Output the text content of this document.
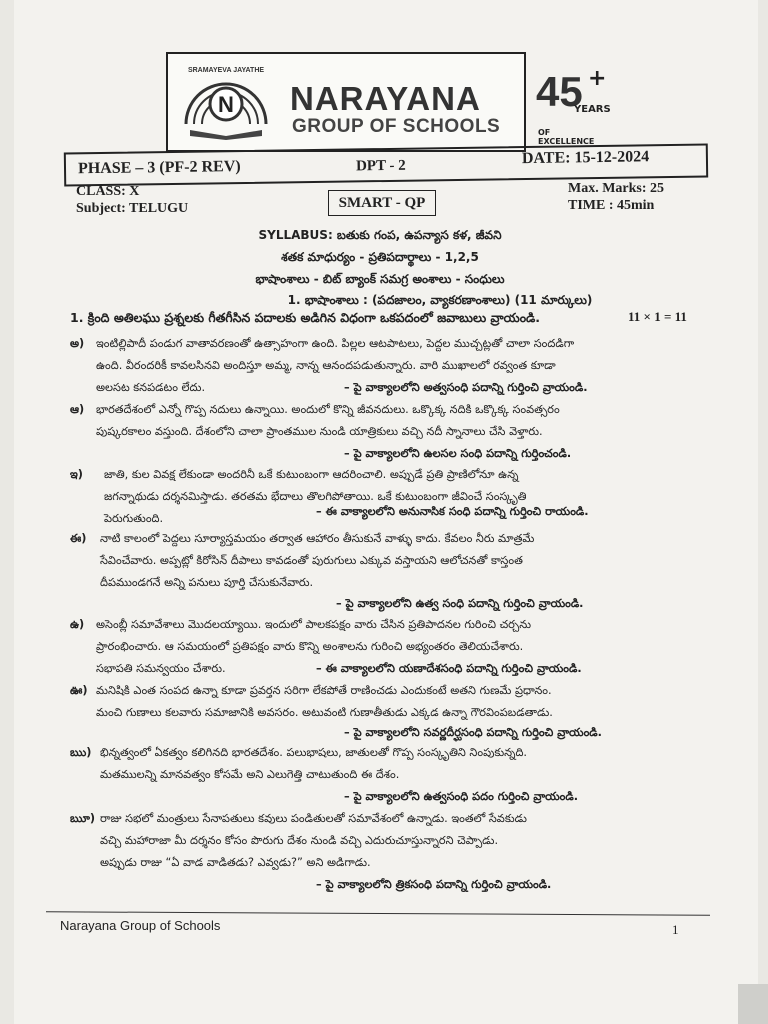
N
SRAMAYEVA JAYATHE
NARAYANA
GROUP OF SCHOOLS
45 +
YEARS
OF EXCELLENCE
PHASE – 3 (PF-2 REV)	DPT - 2	DATE: 15-12-2024
CLASS: X
Subject: TELUGU	SMART - QP
Max. Marks: 25
TIME : 45min
SYLLABUS: బతుకు గంప, ఉపన్యాస కళ, జీవని
శతక మాధుర్యం - ప్రతిపదార్థాలు - 1,2,5
భాషాంశాలు - బిట్ బ్యాంక్ సమగ్ర అంశాలు - సంధులు
1. భాషాంశాలు : (పదజాలం, వ్యాకరణాంశాలు) (11 మార్కులు)
1. క్రింది అతిలఘు ప్రశ్నలకు గీతగీసిన పదాలకు అడిగిన విధంగా ఒకపదంలో జవాబులు వ్రాయండి.	11 × 1 = 11
అ) ఇంటిల్లిపాదీ పండుగ వాతావరణంతో ఉత్సాహంగా ఉంది. పిల్లల ఆటపాటలు, పెద్దల ముచ్చట్లతో చాలా సందడిగా
ఉంది. వీరందరికీ కావలసినవి అందిస్తూ అమ్మ, నాన్న ఆనందపడుతున్నారు. వారి ముఖాలలో రవ్వంత కూడా
అలసట కనపడటం లేదు.	– పై వాక్యాలలోని అత్వసంధి పదాన్ని గుర్తించి వ్రాయండి.
ఆ) భారతదేశంలో ఎన్నో గొప్ప నదులు ఉన్నాయి. అందులో కొన్ని జీవనదులు. ఒక్కొక్క నదికి ఒక్కొక్క సంవత్సరం
పుష్కరకాలం వస్తుంది. దేశంలోని చాలా ప్రాంతముల నుండి యాత్రికులు వచ్చి నదీ స్నానాలు చేసి వెళ్తారు.
– పై వాక్యాలలోని ఉలసల సంధి పదాన్ని గుర్తించండి.
ఇ) జాతి, కుల వివక్ష లేకుండా అందరినీ ఒకే కుటుంబంగా ఆదరించాలి. అప్పుడే ప్రతి ప్రాణిలోనూ ఉన్న
జగన్నాథుడు దర్శనమిస్తాడు. తరతమ భేదాలు తొలగిపోతాయి. ఒకే కుటుంబంగా జీవించే సంస్కృతి
పెరుగుతుంది.
– ఈ వాక్యాలలోని అనునాసిక సంధి పదాన్ని గుర్తించి రాయండి.
ఈ) నాటి కాలంలో పెద్దలు సూర్యాస్తమయం తర్వాత ఆహారం తీసుకునే వాళ్ళు కాదు. కేవలం నీరు మాత్రమే
సేవించేవారు. అప్పట్లో కిరోసిన్ దీపాలు కావడంతో పురుగులు ఎక్కువ వస్తాయని ఆలోచనతో కాస్తంత
దీపముండగనే అన్ని పనులు పూర్తి చేసుకునేవారు.
– పై వాక్యాలలోని ఉత్వ సంధి పదాన్ని గుర్తించి వ్రాయండి.
ఉ) అసెంబ్లీ సమావేశాలు మొదలయ్యాయి. ఇందులో పాలకపక్షం వారు చేసిన ప్రతిపాదనల గురించి చర్చను
ప్రారంభించారు. ఆ సమయంలో ప్రతిపక్షం వారు కొన్ని అంశాలను గురించి అభ్యంతరం తెలియచేశారు.
సభాపతి సమన్వయం చేశారు.	– ఈ వాక్యాలలోని యణాదేశసంధి పదాన్ని గుర్తించి వ్రాయండి.
ఊ) మనిషికి ఎంత సంపద ఉన్నా కూడా ప్రవర్తన సరిగా లేకపోతే రాణించడు ఎందుకంటే అతని గుణమే ప్రధానం.
మంచి గుణాలు కలవారు సమాజానికి అవసరం. అటువంటి గుణాతీతుడు ఎక్కడ ఉన్నా గౌరవింపబడతాడు.
– పై వాక్యాలలోని సవర్ణదీర్ఘసంధి పదాన్ని గుర్తించి వ్రాయండి.
ఋ) భిన్నత్వంలో ఏకత్వం కలిగినది భారతదేశం. పలుభాషలు, జాతులతో గొప్ప సంస్కృతిని నింపుకున్నది.
మతములన్ని మానవత్వం కోసమే అని ఎలుగెత్తి చాటుతుంది ఈ దేశం.
– పై వాక్యాలలోని ఉత్వసంధి పదం గుర్తించి వ్రాయండి.
ౠ) రాజు సభలో మంత్రులు సేనాపతులు కవులు పండితులతో సమావేశంలో ఉన్నాడు. ఇంతలో సేవకుడు
వచ్చి మహారాజా మీ దర్శనం కోసం పొరుగు దేశం నుండి వచ్చి ఎదురుచూస్తున్నారని చెప్పాడు.
అప్పుడు రాజు “ఏ వాడ వాడితడు? ఎవ్వడు?” అని అడిగాడు.
– పై వాక్యాలలోని త్రికసంధి పదాన్ని గుర్తించి వ్రాయండి.
Narayana Group of Schools	1
